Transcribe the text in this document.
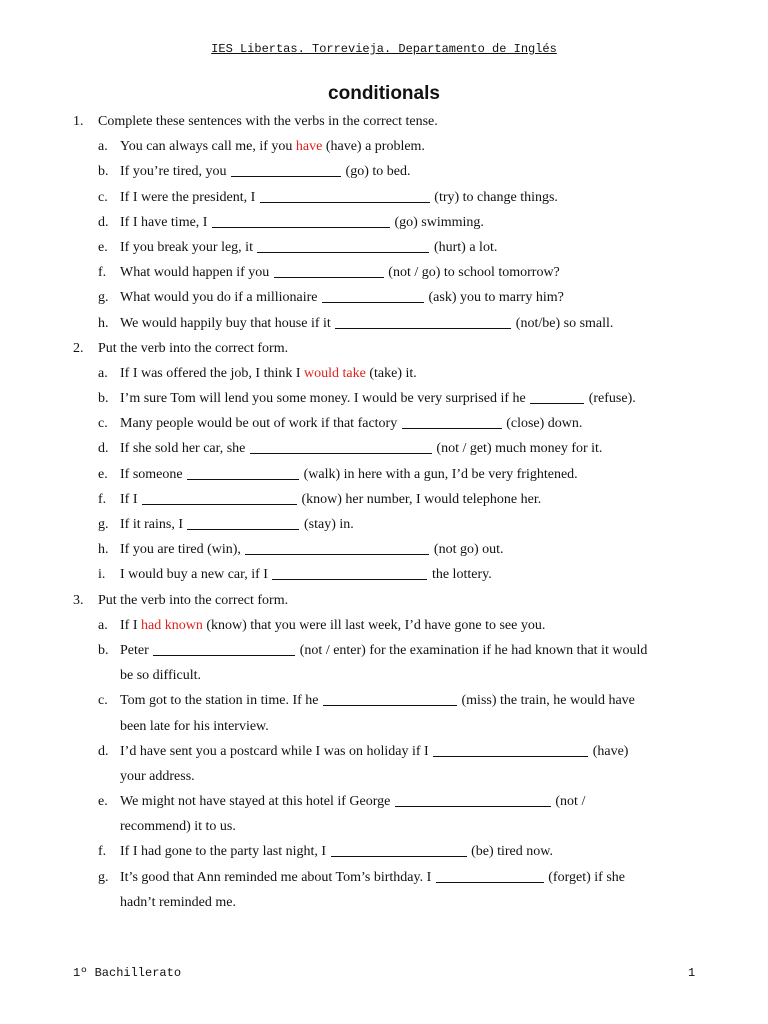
IES Libertas. Torrevieja. Departamento de Inglés
conditionals
1. Complete these sentences with the verbs in the correct tense.
a. You can always call me, if you have (have) a problem.
b. If you’re tired, you	(go) to bed.
c. If I were the president, I	(try) to change things.
d. If I have time, I	(go) swimming.
e. If you break your leg, it	(hurt) a lot.
f. What would happen if you	(not / go) to school tomorrow?
g. What would you do if a millionaire	(ask) you to marry him?
h. We would happily buy that house if it	(not/be) so small.
2. Put the verb into the correct form.
a. If I was offered the job, I think I would take (take) it.
b. I’m sure Tom will lend you some money. I would be very surprised if he	(refuse).
c. Many people would be out of work if that factory	(close) down.
d. If she sold her car, she	(not / get) much money for it.
e. If someone	(walk) in here with a gun, I’d be very frightened.
f. If I	(know) her number, I would telephone her.
g. If it rains, I	(stay) in.
h. If you are tired (win),	(not go) out.
i. I would buy a new car, if I	the lottery.
3. Put the verb into the correct form.
a. If I had known (know) that you were ill last week, I’d have gone to see you.
b. Peter	(not / enter) for the examination if he had known that it would
be so difficult.
c. Tom got to the station in time. If he	(miss) the train, he would have
been late for his interview.
d. I’d have sent you a postcard while I was on holiday if I	(have)
your address.
e. We might not have stayed at this hotel if George	(not /
recommend) it to us.
f. If I had gone to the party last night, I	(be) tired now.
g. It’s good that Ann reminded me about Tom’s birthday. I	(forget) if she
hadn’t reminded me.
1º Bachillerato	1
